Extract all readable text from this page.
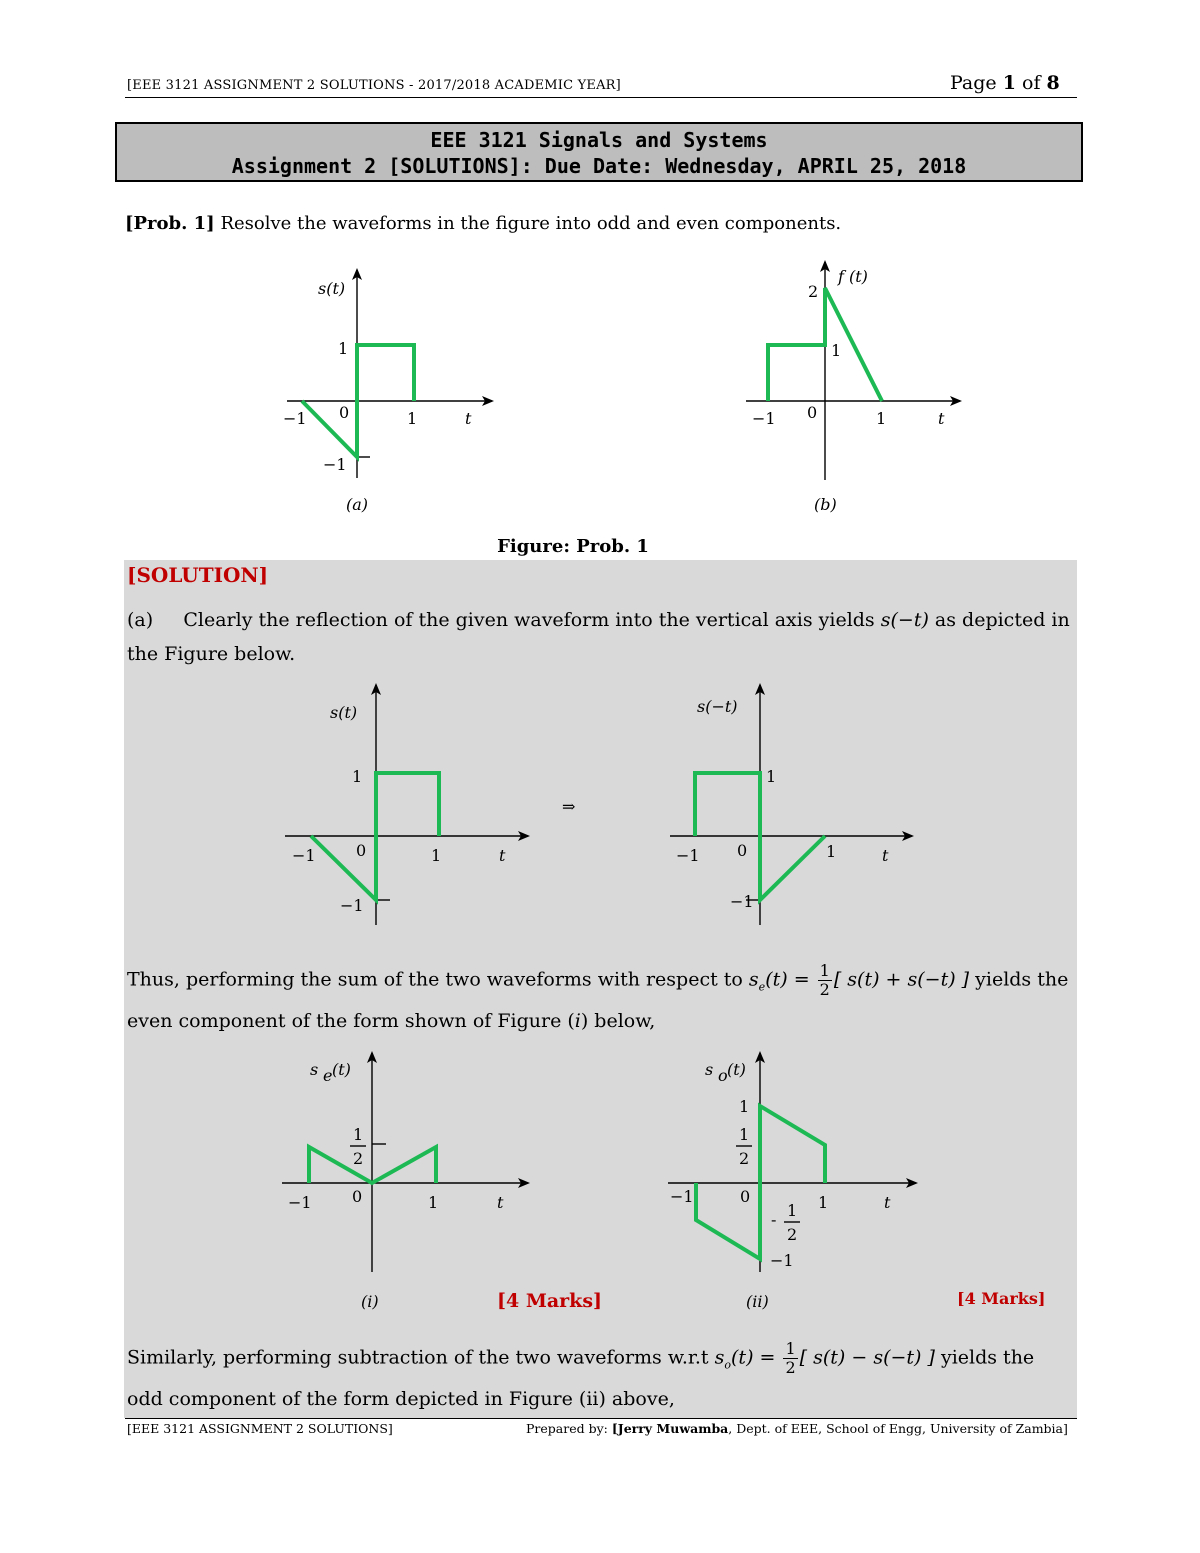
[EEE 3121 ASSIGNMENT 2 SOLUTIONS - 2017/2018 ACADEMIC YEAR]	Page 1 of 8
EEE 3121 Signals and Systems
Assignment 2 [SOLUTIONS]: Due Date: Wednesday, APRIL 25, 2018
[Prob. 1] Resolve the waveforms in the figure into odd and even components.
s(t)
−1 0	1
1
−1
t
(a)
f (t)
−1 0	1
1
2
t
(b)
s(t)
−1	0	1
1
−1
t
⇒
s(−t)
−1 0	1
1
−1
t
s e (t)
1
2
−1	0	1	t
(i)	[4 Marks]
s o (t)
1
1
2
−1	0	1
- 1
2
−1
t
(ii)	[4 Marks]
Figure: Prob. 1
[SOLUTION]
(a) Clearly the reflection of the given waveform into the vertical axis yields s(−t) as depicted in the Figure below.
Thus, performing the sum of the two waveforms with respect to $s_e(t) = \frac{1}{2}$ [ s(t) + s(−t) ] yields the even component of the form shown of Figure (i) below,
Similarly, performing subtraction of the two waveforms w.r.t $s_o(t) = \frac{1}{2}$ [ s(t) − s(−t) ] yields the odd component of the form depicted in Figure (ii) above,
[EEE 3121 ASSIGNMENT 2 SOLUTIONS]	Prepared by: [Jerry Muwamba, Dept. of EEE, School of Engg, University of Zambia]
